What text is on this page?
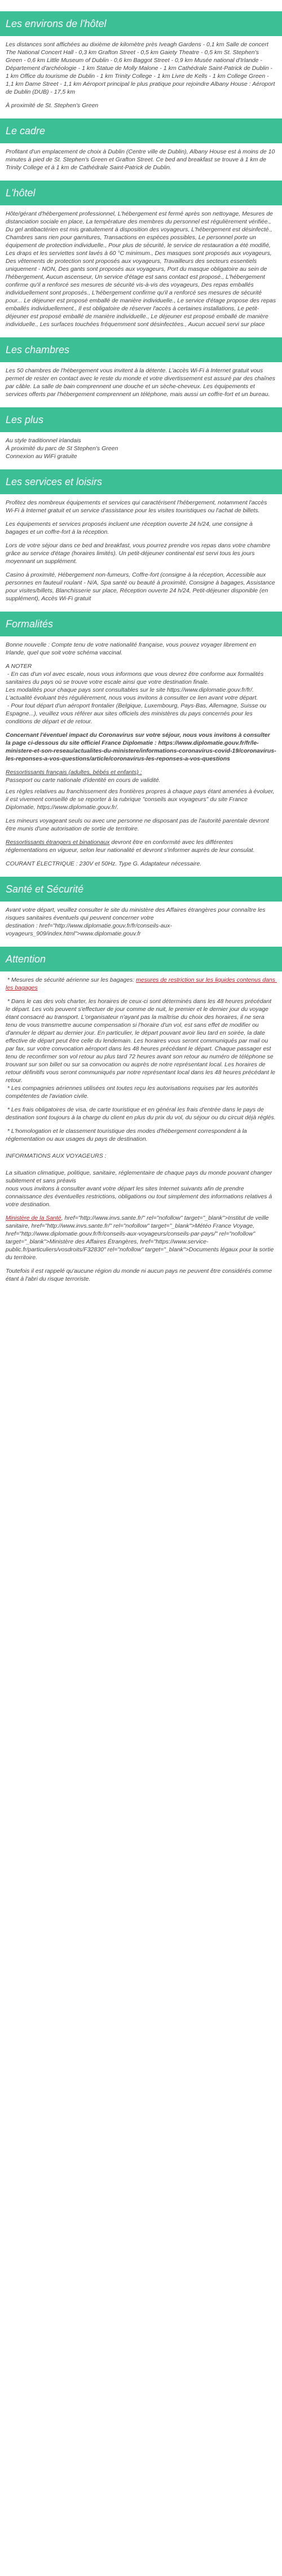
Les environs de l'hôtel

Les distances sont affichées au dixième de kilomètre près Iveagh Gardens - 0,1 km Salle de concert The National Concert Hall - 0,3 km Grafton Street - 0,5 km Gaiety Theatre - 0,5 km St. Stephen's Green - 0,6 km Little Museum of Dublin - 0,6 km Baggot Street - 0,9 km Musée national d'Irlande - Département d'archéologie - 1 km Statue de Molly Malone - 1 km Cathédrale Saint-Patrick de Dublin - 1 km Office du tourisme de Dublin - 1 km Trinity College - 1 km Livre de Kells - 1 km College Green - 1,1 km Dame Street - 1,1 km Aéroport principal le plus pratique pour rejoindre Albany House : Aéroport de Dublin (DUB) - 17,5 km

À proximité de St. Stephen's Green

Le cadre

Profitant d'un emplacement de choix à Dublin (Centre ville de Dublin), Albany House est à moins de 10 minutes à pied de St. Stephen's Green et Grafton Street. Ce bed and breakfast se trouve à 1 km de Trinity College et à 1 km de Cathédrale Saint-Patrick de Dublin.

L'hôtel

Hôte/gérant d'hébergement professionnel, L'hébergement est fermé après son nettoyage, Mesures de distanciation sociale en place, La température des membres du personnel est régulièrement vérifiée., Du gel antibactérien est mis gratuitement à disposition des voyageurs, L'hébergement est désinfecté., Chambres sans rien pour garnitures, Transactions en espèces possibles, Le personnel porte un équipement de protection individuelle., Pour plus de sécurité, le service de restauration a été modifié, Les draps et les serviettes sont lavés à 60 °C minimum., Des masques sont proposés aux voyageurs, Des vêtements de protection sont proposés aux voyageurs, Travailleurs des secteurs essentiels uniquement - NON, Des gants sont proposés aux voyageurs, Port du masque obligatoire au sein de l'hébergement, Aucun ascenseur, Un service d'étage est sans contact est proposé., L'hébergement confirme qu'il a renforcé ses mesures de sécurité vis-à-vis des voyageurs, Des repas emballés individuellement sont proposés., L'hébergement confirme qu'il a renforcé ses mesures de sécurité pour... Le déjeuner est proposé emballé de manière individuelle., Le service d'étage propose des repas emballés individuellement., Il est obligatoire de réserver l'accès à certaines installations, Le petit-déjeuner est proposé emballé de manière individuelle., Le déjeuner est proposé emballé de manière individuelle., Les surfaces touchées fréquemment sont désinfectées., Aucun accueil servi sur place

Les chambres

Les 50 chambres de l'hébergement vous invitent à la détente. L'accès Wi-Fi à Internet gratuit vous permet de rester en contact avec le reste du monde et votre divertissement est assuré par des chaînes par câble. La salle de bain comprennent une douche et un sèche-cheveux. Les équipements et services offerts par l'hébergement comprennent un téléphone, mais aussi un coffre-fort et un bureau.

Les plus

Au style traditionnel irlandais
À proximité du parc de St Stephen's Green
Connexion au WiFi gratuite

Les services et loisirs

Profitez des nombreux équipements et services qui caractérisent l'hébergement, notamment l'accès Wi-Fi à Internet gratuit et un service d'assistance pour les visites touristiques ou l'achat de billets.

Les équipements et services proposés incluent une réception ouverte 24 h/24, une consigne à bagages et un coffre-fort à la réception.

Lors de votre séjour dans ce bed and breakfast, vous pourrez prendre vos repas dans votre chambre grâce au service d'étage (horaires limités). Un petit-déjeuner continental est servi tous les jours moyennant un supplément.

Casino à proximité, Hébergement non-fumeurs, Coffre-fort (consigne à la réception, Accessible aux personnes en fauteuil roulant - N/A, Spa santé ou beauté à proximité, Consigne à bagages, Assistance pour visites/billets, Blanchisserie sur place, Réception ouverte 24 h/24, Petit-déjeuner disponible (en supplément), Accès Wi-Fi gratuit

Formalités

Bonne nouvelle : Compte tenu de votre nationalité française, vous pouvez voyager librement en Irlande, quel que soit votre schéma vaccinal.

A NOTER
- En cas d'un vol avec escale, nous vous informons que vous devrez être conforme aux formalités sanitaires du pays où se trouve votre escale ainsi que votre destination finale.
Les modalités pour chaque pays sont consultables sur le site https://www.diplomatie.gouv.fr/fr/. L'actualité évoluant très régulièrement, nous vous invitons à consulter ce lien avant votre départ.
- Pour tout départ d'un aéroport frontalier (Belgique, Luxembourg, Pays-Bas, Allemagne, Suisse ou Espagne...), veuillez vous référer aux sites officiels des ministères du pays concernés pour les conditions de départ et de retour.

Concernant l'éventuel impact du Coronavirus sur votre séjour, nous vous invitons à consulter la page ci-dessous du site officiel France Diplomatie : https://www.diplomatie.gouv.fr/fr/le-ministere-et-son-reseau/actualites-du-ministere/informations-coronavirus-covid-19/coronavirus-les-reponses-a-vos-questions/article/coronavirus-les-reponses-a-vos-questions

Ressortissants français (adultes, bébés et enfants) :
Passeport ou carte nationale d'identité en cours de validité.

Les règles relatives au franchissement des frontières propres à chaque pays étant amenées à évoluer, il est vivement conseillé de se reporter à la rubrique "conseils aux voyageurs" du site France Diplomatie, https://www.diplomatie.gouv.fr/.

Les mineurs voyageant seuls ou avec une personne ne disposant pas de l'autorité parentale devront être munis d'une autorisation de sortie de territoire.

Ressortissants étrangers et binationaux devront être en conformité avec les différentes réglementations en vigueur, selon leur nationalité et devront s'informer auprès de leur consulat.

COURANT ÉLECTRIQUE : 230V et 50Hz. Type G. Adaptateur nécessaire.

Santé et Sécurité

Avant votre départ, veuillez consulter le site du ministère des Affaires étrangères pour connaître les risques sanitaires éventuels qui peuvent concerner votre
destination : href="http://www.diplomatie.gouv.fr/fr/conseils-aux-voyageurs_909/index.html">www.diplomatie.gouv.fr

Attention

* Mesures de sécurité aérienne sur les bagages: mesures de restriction sur les liquides contenus dans les bagages

* Dans le cas des vols charter, les horaires de ceux-ci sont déterminés dans les 48 heures précédant le départ. Les vols peuvent s'effectuer de jour comme de nuit, le premier et le dernier jour du voyage étant consacré au transport. L'organisateur n'ayant pas la maîtrise du choix des horaires, il ne sera tenu de vous transmettre aucune compensation si l'horaire d'un vol, est sans effet de modifier ou d'annuler le départ au dernier jour. En particulier, le départ pouvant avoir lieu tard en soirée, la date effective de départ peut être celle du lendemain. Les horaires vous seront communiqués par mail ou par fax, sur votre convocation aéroport dans les 48 heures précédant le départ. Chaque passager est tenu de reconfirmer son vol retour au plus tard 72 heures avant son retour au numéro de téléphone se trouvant sur son billet ou sur sa convocation ou auprès de notre représentant local. Les horaires de retour définitifs vous seront communiqués par notre représentant local dans les 48 heures précédant le retour.
* Les compagnies aériennes utilisées ont toutes reçu les autorisations requises par les autorités compétentes de l'aviation civile.

* Les frais obligatoires de visa, de carte touristique et en général les frais d'entrée dans le pays de destination sont toujours à la charge du client en plus du prix du vol, du séjour ou du circuit déjà réglés.

* L'homologation et le classement touristique des modes d'hébergement correspondent à la réglementation ou aux usages du pays de destination.

INFORMATIONS AUX VOYAGEURS :

La situation climatique, politique, sanitaire, réglementaire de chaque pays du monde pouvant changer subitement et sans préavis
nous vous invitons à consulter avant votre départ les sites Internet suivants afin de prendre connaissance des éventuelles restrictions, obligations ou tout simplement des informations relatives à votre destination.

Ministère de la Santé, href="http://www.invs.sante.fr/" rel="nofollow" target="_blank">Institut de veille sanitaire, href="http://www.invs.sante.fr/" rel="nofollow" target="_blank">Météo France Voyage, href="http://www.diplomatie.gouv.fr/fr/conseils-aux-voyageurs/conseils-par-pays/" rel="nofollow" target="_blank">Ministère des Affaires Étrangères, href="https://www.service-public.fr/particuliers/vosdroits/F32830" rel="nofollow" target="_blank">Documents légaux pour la sortie du territoire.

Toutefois il est rappelé qu'aucune région du monde ni aucun pays ne peuvent être considérés comme étant à l'abri du risque terroriste.
